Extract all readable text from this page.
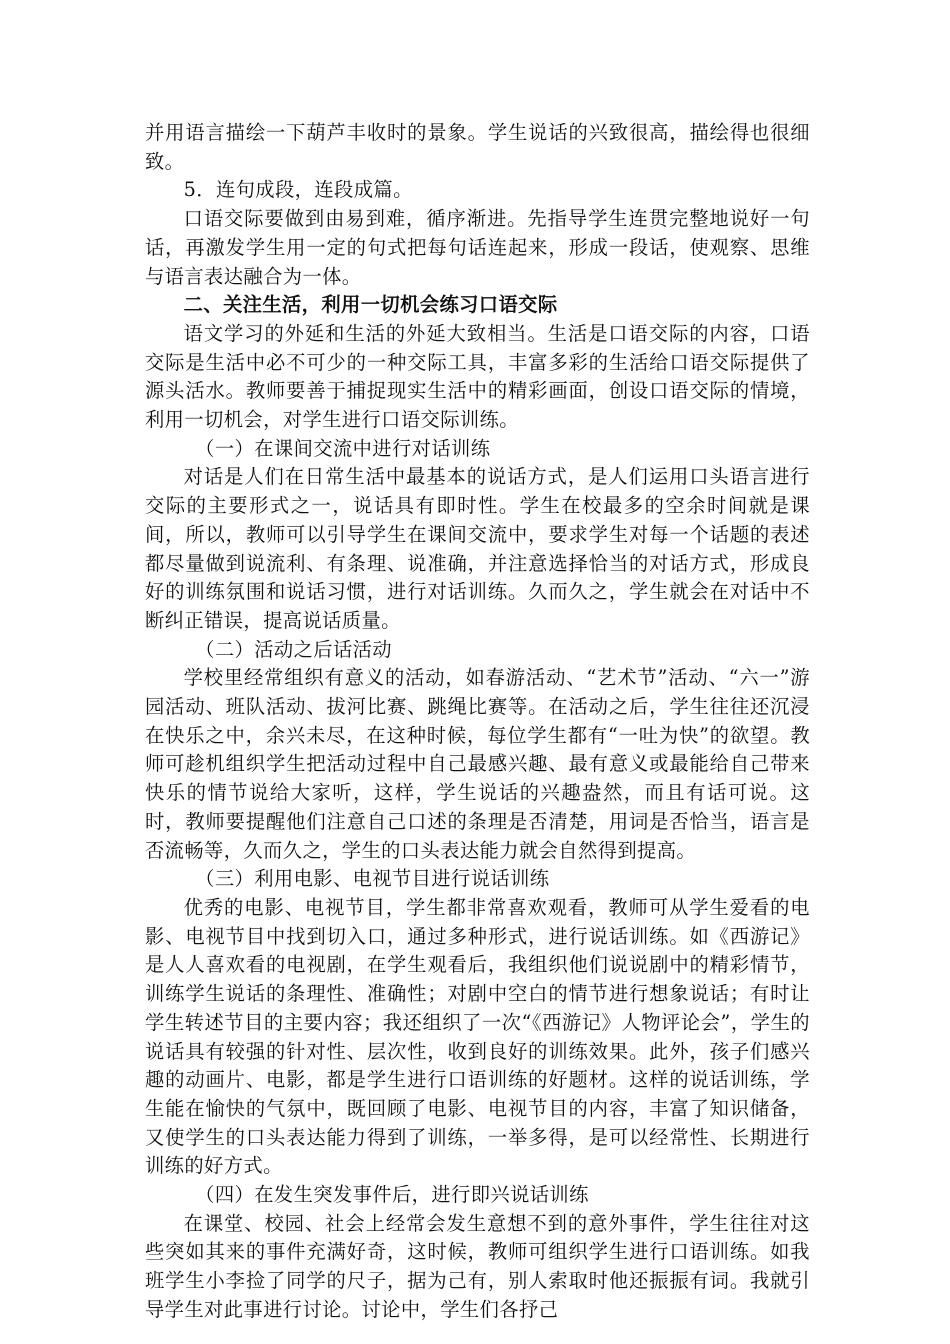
并用语言描绘一下葫芦丰收时的景象。学生说话的兴致很高，描绘得也很细致。

5．连句成段，连段成篇。

口语交际要做到由易到难，循序渐进。先指导学生连贯完整地说好一句话，再激发学生用一定的句式把每句话连起来，形成一段话，使观察、思维与语言表达融合为一体。

二、关注生活，利用一切机会练习口语交际

语文学习的外延和生活的外延大致相当。生活是口语交际的内容，口语交际是生活中必不可少的一种交际工具，丰富多彩的生活给口语交际提供了源头活水。教师要善于捕捉现实生活中的精彩画面，创设口语交际的情境，利用一切机会，对学生进行口语交际训练。

（一）在课间交流中进行对话训练

对话是人们在日常生活中最基本的说话方式，是人们运用口头语言进行交际的主要形式之一，说话具有即时性。学生在校最多的空余时间就是课间，所以，教师可以引导学生在课间交流中，要求学生对每一个话题的表述都尽量做到说流利、有条理、说准确，并注意选择恰当的对话方式，形成良好的训练氛围和说话习惯，进行对话训练。久而久之，学生就会在对话中不断纠正错误，提高说话质量。

（二）活动之后话活动

学校里经常组织有意义的活动，如春游活动、“艺术节”活动、“六一”游园活动、班队活动、拔河比赛、跳绳比赛等。在活动之后，学生往往还沉浸在快乐之中，余兴未尽，在这种时候，每位学生都有“一吐为快”的欲望。教师可趁机组织学生把活动过程中自己最感兴趣、最有意义或最能给自己带来快乐的情节说给大家听，这样，学生说话的兴趣盎然，而且有话可说。这时，教师要提醒他们注意自己口述的条理是否清楚，用词是否恰当，语言是否流畅等，久而久之，学生的口头表达能力就会自然得到提高。

（三）利用电影、电视节目进行说话训练

优秀的电影、电视节目，学生都非常喜欢观看，教师可从学生爱看的电影、电视节目中找到切入口，通过多种形式，进行说话训练。如《西游记》是人人喜欢看的电视剧，在学生观看后，我组织他们说说剧中的精彩情节，训练学生说话的条理性、准确性；对剧中空白的情节进行想象说话；有时让学生转述节目的主要内容；我还组织了一次“《西游记》人物评论会”，学生的说话具有较强的针对性、层次性，收到良好的训练效果。此外，孩子们感兴趣的动画片、电影，都是学生进行口语训练的好题材。这样的说话训练，学生能在愉快的气氛中，既回顾了电影、电视节目的内容，丰富了知识储备，又使学生的口头表达能力得到了训练，一举多得，是可以经常性、长期进行训练的好方式。

（四）在发生突发事件后，进行即兴说话训练

在课堂、校园、社会上经常会发生意想不到的意外事件，学生往往对这些突如其来的事件充满好奇，这时候，教师可组织学生进行口语训练。如我班学生小李捡了同学的尺子，据为己有，别人索取时他还振振有词。我就引导学生对此事进行讨论。讨论中，学生们各抒己
